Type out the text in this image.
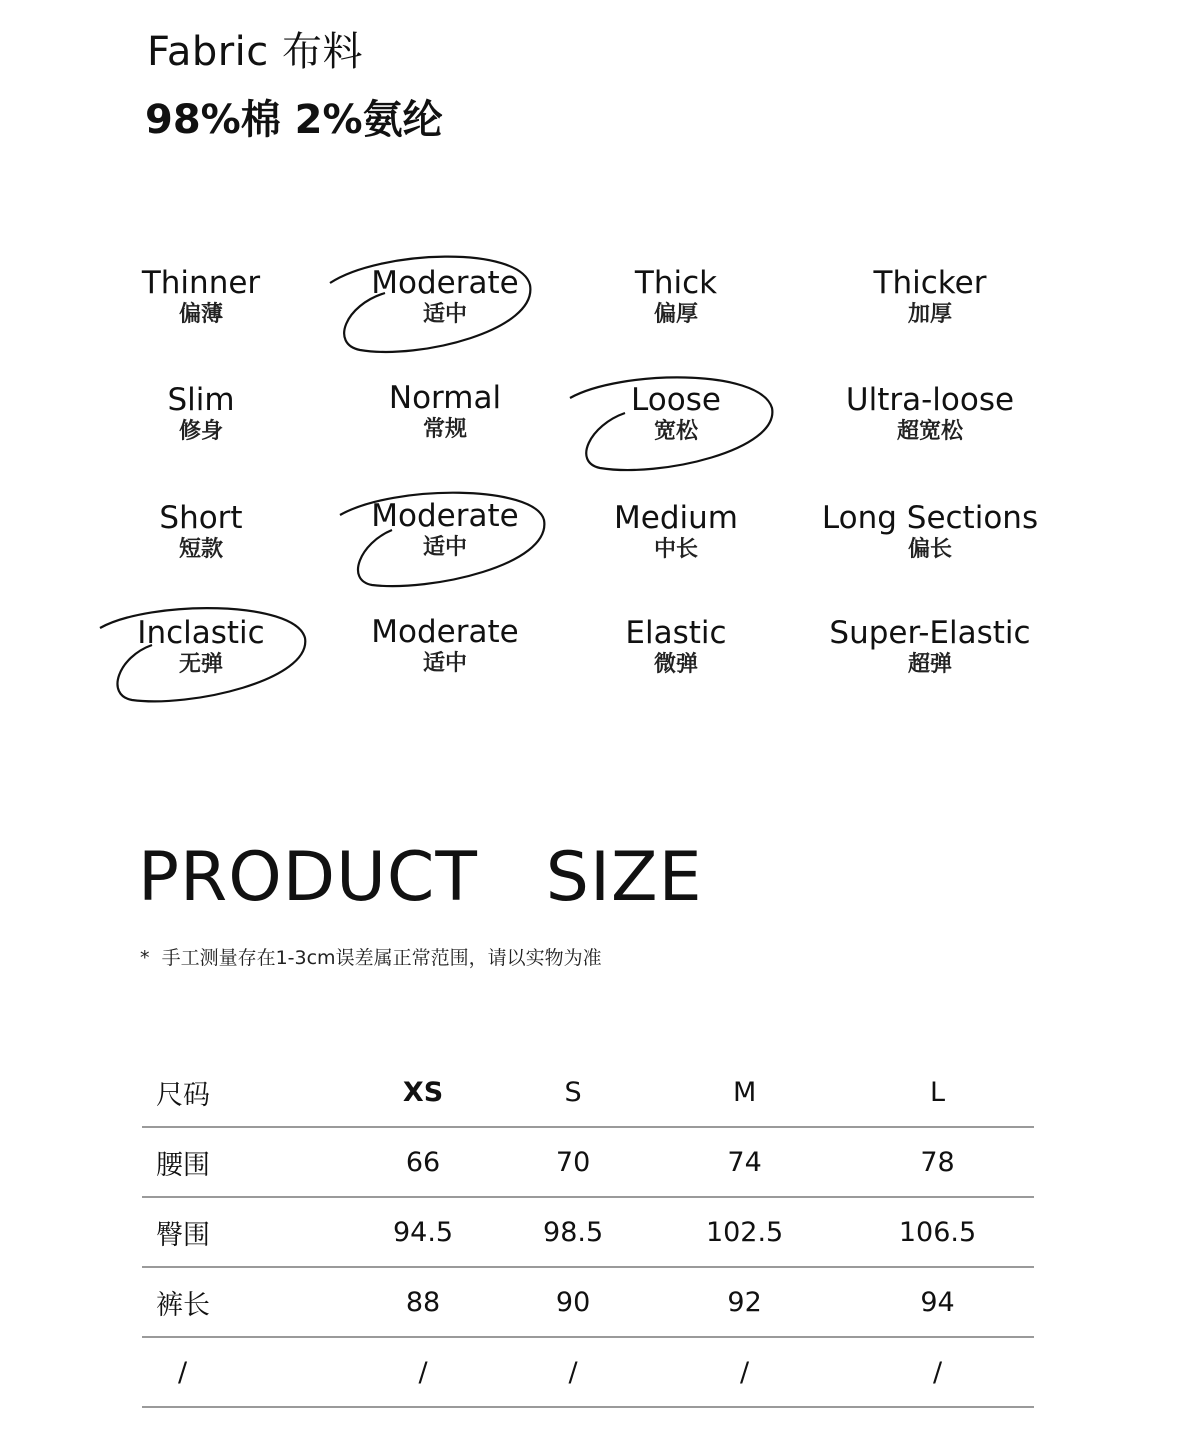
Fabric 布料
98%棉 2%氨纶
Thinner
偏薄
Moderate
适中
Thick
偏厚
Thicker
加厚
Slim
修身
Normal
常规
Loose
宽松
Ultra-loose
超宽松
Short
短款
Moderate
适中
Medium
中长
Long Sections
偏长
Inclastic
无弹
Moderate
适中
Elastic
微弹
Super-Elastic
超弹
PRODUCT   SIZE
*  手工测量存在1-3cm误差属正常范围，请以实物为准
尺码	XS	S	M	L
腰围	66	70	74	78
臀围	94.5	98.5	102.5	106.5
裤长	88	90	92	94
/	/	/	/	/
